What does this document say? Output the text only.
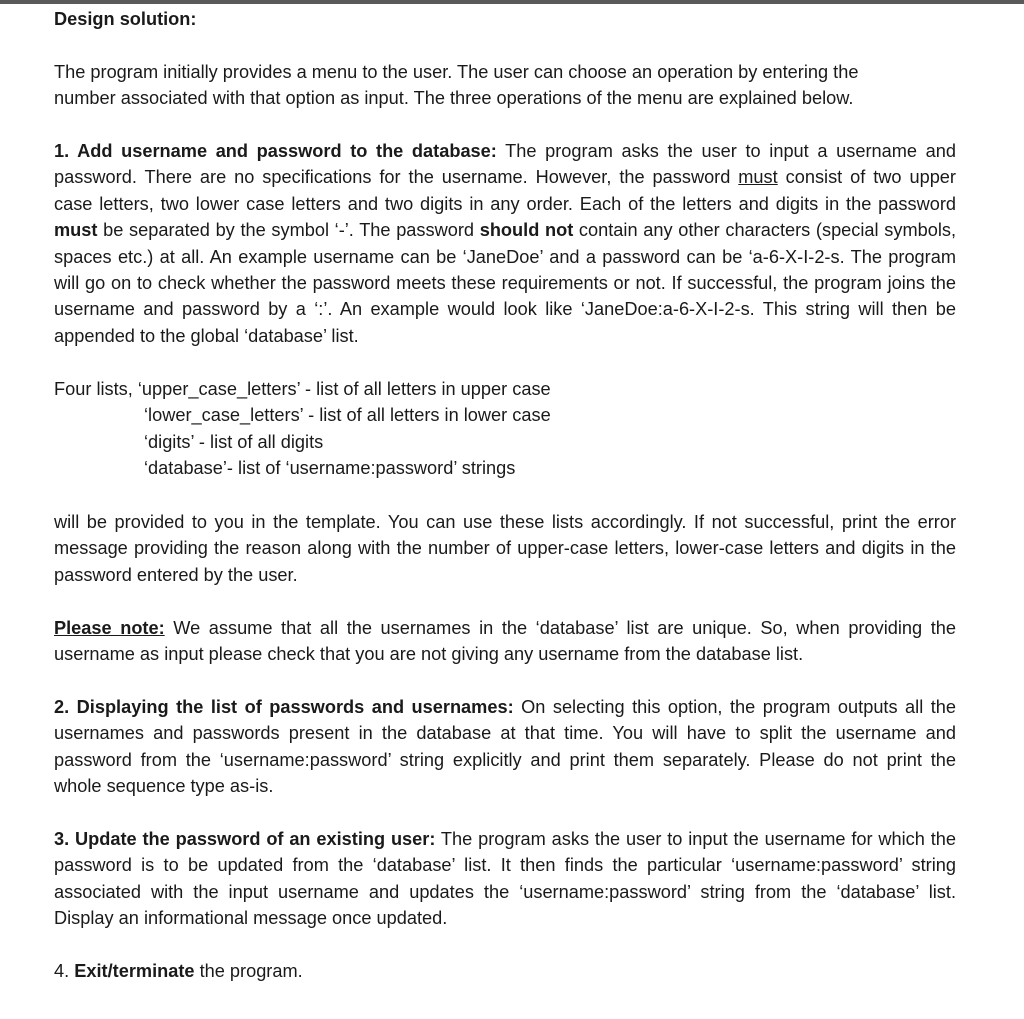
Design solution:

The program initially provides a menu to the user. The user can choose an operation by entering the

number associated with that option as input. The three operations of the menu are explained below.

1. Add username and password to the database: The program asks the user to input a username and password. There are no specifications for the username. However, the password must consist of two upper case letters, two lower case letters and two digits in any order. Each of the letters and digits in the password must be separated by the symbol ‘-’. The password should not contain any other characters (special symbols, spaces etc.) at all. An example username can be ‘JaneDoe’ and a password can be ‘a-6-X-I-2-s. The program will go on to check whether the password meets these requirements or not. If successful, the program joins the username and password by a ‘:’. An example would look like ‘JaneDoe:a-6-X-I-2-s. This string will then be appended to the global ‘database’ list.

Four lists, ‘upper_case_letters’ - list of all letters in upper case

‘lower_case_letters’ - list of all letters in lower case

‘digits’ - list of all digits

‘database’- list of ‘username:password’ strings

will be provided to you in the template. You can use these lists accordingly. If not successful, print the error message providing the reason along with the number of upper-case letters, lower-case letters and digits in the password entered by the user.

Please note: We assume that all the usernames in the ‘database’ list are unique. So, when providing the username as input please check that you are not giving any username from the database list.

2. Displaying the list of passwords and usernames: On selecting this option, the program outputs all the usernames and passwords present in the database at that time. You will have to split the username and password from the ‘username:password’ string explicitly and print them separately. Please do not print the whole sequence type as-is.

3. Update the password of an existing user: The program asks the user to input the username for which the password is to be updated from the ‘database’ list. It then finds the particular ‘username:password’ string associated with the input username and updates the ‘username:password’ string from the ‘database’ list. Display an informational message once updated.

4. Exit/terminate the program.
